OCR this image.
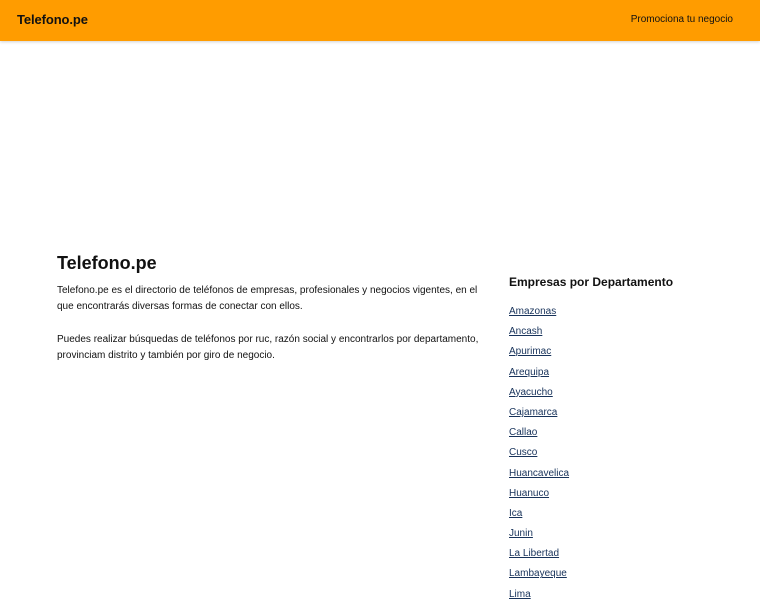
Telefono.pe	Promociona tu negocio
Telefono.pe

Telefono.pe es el directorio de teléfonos de empresas, profesionales y negocios vigentes, en el que encontrarás diversas formas de conectar con ellos.

Puedes realizar búsquedas de teléfonos por ruc, razón social y encontrarlos por departamento, provinciam distrito y también por giro de negocio.

Empresas por Departamento
Amazonas
Ancash
Apurimac
Arequipa
Ayacucho
Cajamarca
Callao
Cusco
Huancavelica
Huanuco
Ica
Junin
La Libertad
Lambayeque
Lima
